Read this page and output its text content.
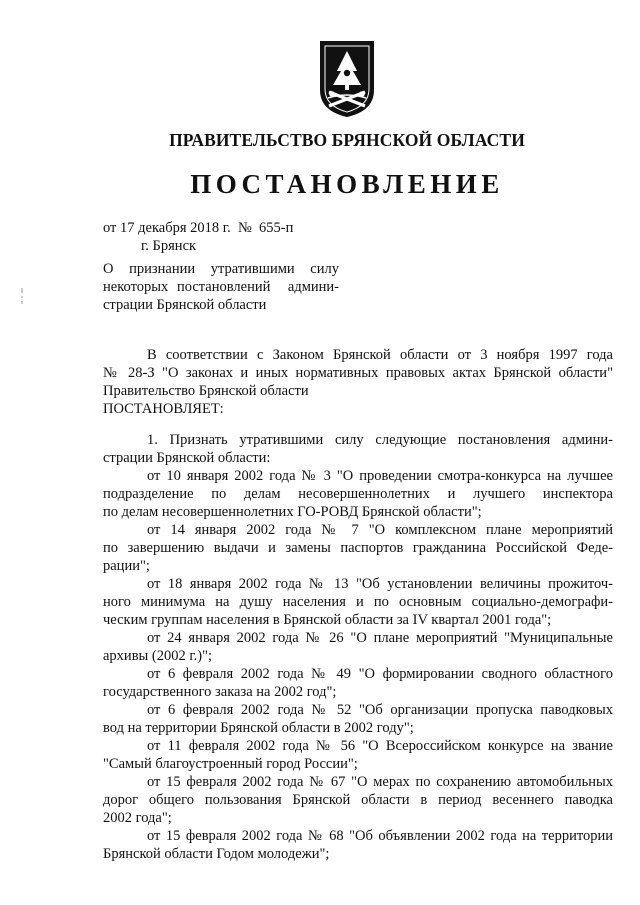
ПРАВИТЕЛЬСТВО БРЯНСКОЙ ОБЛАСТИ
ПОСТАНОВЛЕНИЕ
от 17 декабря 2018 г.  №  655-п
г. Брянск
О  признании  утратившими  силу
некоторых постановлений  админи-
страции Брянской области
В соответствии с Законом Брянской области от 3 ноября 1997 года
№ 28-З "О законах и иных нормативных правовых актах Брянской области"
Правительство Брянской области
ПОСТАНОВЛЯЕТ:
1. Признать утратившими силу следующие постановления админи-
страции Брянской области:
от 10 января 2002 года № 3 "О проведении смотра-конкурса на лучшее
подразделение по делам несовершеннолетних и лучшего инспектора
по делам несовершеннолетних ГО-РОВД Брянской области";
от 14 января 2002 года № 7 "О комплексном плане мероприятий
по завершению выдачи и замены паспортов гражданина Российской Феде-
рации";
от 18 января 2002 года № 13 "Об установлении величины прожиточ-
ного минимума на душу населения и по основным социально-демографи-
ческим группам населения в Брянской области за IV квартал 2001 года";
от 24 января 2002 года № 26 "О плане мероприятий "Муниципальные
архивы (2002 г.)";
от 6 февраля 2002 года № 49 "О формировании сводного областного
государственного заказа на 2002 год";
от 6 февраля 2002 года № 52 "Об организации пропуска паводковых
вод на территории Брянской области в 2002 году";
от 11 февраля 2002 года № 56 "О Всероссийском конкурсе на звание
"Самый благоустроенный город России";
от 15 февраля 2002 года № 67 "О мерах по сохранению автомобильных
дорог общего пользования Брянской области в период весеннего паводка
2002 года";
от 15 февраля 2002 года № 68 "Об объявлении 2002 года на территории
Брянской области Годом молодежи";
